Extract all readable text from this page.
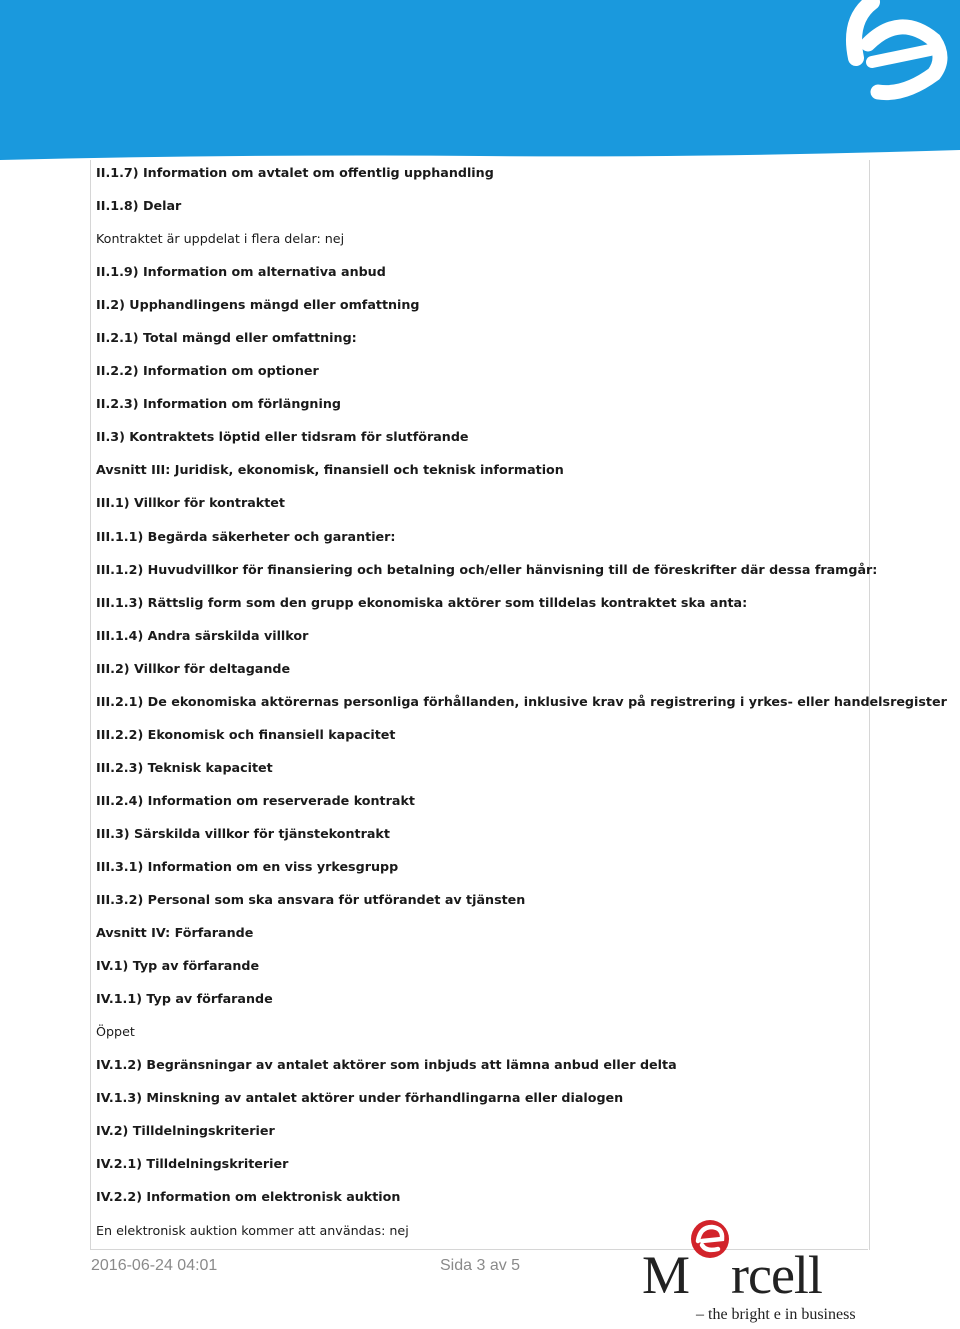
II.1.7) Information om avtalet om offentlig upphandling
II.1.8) Delar
Kontraktet är uppdelat i flera delar: nej
II.1.9) Information om alternativa anbud
II.2) Upphandlingens mängd eller omfattning
II.2.1) Total mängd eller omfattning:
II.2.2) Information om optioner
II.2.3) Information om förlängning
II.3) Kontraktets löptid eller tidsram för slutförande
Avsnitt III: Juridisk, ekonomisk, finansiell och teknisk information
III.1) Villkor för kontraktet
III.1.1) Begärda säkerheter och garantier:
III.1.2) Huvudvillkor för finansiering och betalning och/eller hänvisning till de föreskrifter där dessa framgår:
III.1.3) Rättslig form som den grupp ekonomiska aktörer som tilldelas kontraktet ska anta:
III.1.4) Andra särskilda villkor
III.2) Villkor för deltagande
III.2.1) De ekonomiska aktörernas personliga förhållanden, inklusive krav på registrering i yrkes- eller handelsregister
III.2.2) Ekonomisk och finansiell kapacitet
III.2.3) Teknisk kapacitet
III.2.4) Information om reserverade kontrakt
III.3) Särskilda villkor för tjänstekontrakt
III.3.1) Information om en viss yrkesgrupp
III.3.2) Personal som ska ansvara för utförandet av tjänsten
Avsnitt IV: Förfarande
IV.1) Typ av förfarande
IV.1.1) Typ av förfarande
Öppet
IV.1.2) Begränsningar av antalet aktörer som inbjuds att lämna anbud eller delta
IV.1.3) Minskning av antalet aktörer under förhandlingarna eller dialogen
IV.2) Tilldelningskriterier
IV.2.1) Tilldelningskriterier
IV.2.2) Information om elektronisk auktion
En elektronisk auktion kommer att användas: nej
2016-06-24 04:01	Sida 3 av 5 M rcell
– the bright e in business
